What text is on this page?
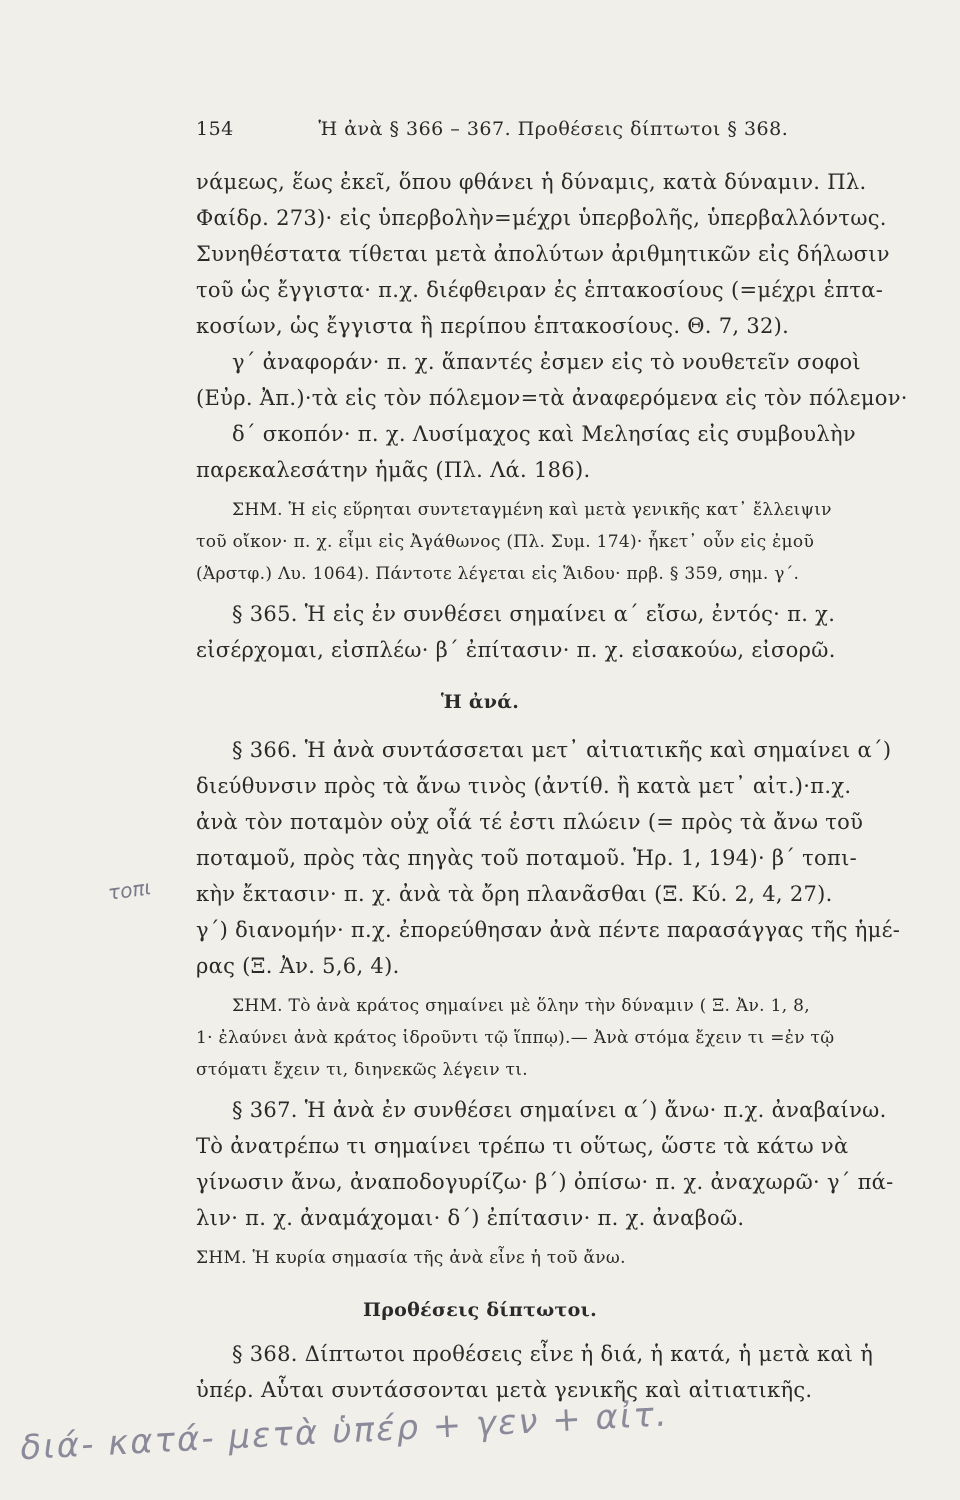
154	Ἡ ἀνὰ § 366 – 367. Προθέσεις δίπτωτοι § 368.
νάμεως, ἕως ἐκεῖ, ὅπου φθάνει ἡ δύναμις, κατὰ δύναμιν. Πλ.
Φαίδρ. 273)· εἰς ὑπερβολὴν=μέχρι ὑπερβολῆς, ὑπερβαλλόντως.
Συνηθέστατα τίθεται μετὰ ἀπολύτων ἀριθμητικῶν εἰς δήλωσιν
τοῦ ὡς ἔγγιστα· π.χ. διέφθειραν ἐς ἑπτακοσίους (=μέχρι ἑπτα-
κοσίων, ὡς ἔγγιστα ἢ περίπου ἑπτακοσίους. Θ. 7, 32).
γ΄ ἀναφοράν· π. χ. ἅπαντές ἐσμεν εἰς τὸ νουθετεῖν σοφοὶ
(Εὐρ. Ἀπ.)·τὰ εἰς τὸν πόλεμον=τὰ ἀναφερόμενα εἰς τὸν πόλεμον·
δ΄ σκοπόν· π. χ. Λυσίμαχος καὶ Μελησίας εἰς συμβουλὴν
παρεκαλεσάτην ἡμᾶς (Πλ. Λά. 186).
ΣΗΜ. Ἡ εἰς εὕρηται συντεταγμένη καὶ μετὰ γενικῆς κατ᾽ ἔλλειψιν
τοῦ οἴκον· π. χ. εἶμι εἰς Ἀγάθωνος (Πλ. Συμ. 174)· ἧκετ᾽ οὖν εἰς ἐμοῦ
(Ἀρστφ.) Λυ. 1064). Πάντοτε λέγεται εἰς Ἅιδου· πρβ. § 359, σημ. γ΄.
§ 365. Ἡ εἰς ἐν συνθέσει σημαίνει α΄ εἴσω, ἐντός· π. χ.
εἰσέρχομαι, εἰσπλέω· β΄ ἐπίτασιν· π. χ. εἰσακούω, εἰσορῶ.
Ἡ ἀνά.
§ 366. Ἡ ἀνὰ συντάσσεται μετ᾽ αἰτιατικῆς καὶ σημαίνει α΄)
διεύθυνσιν πρὸς τὰ ἄνω τινὸς (ἀντίθ. ἢ κατὰ μετ᾽ αἰτ.)·π.χ.
ἀνὰ τὸν ποταμὸν οὐχ οἷά τέ ἐστι πλώειν (= πρὸς τὰ ἄνω τοῦ
ποταμοῦ, πρὸς τὰς πηγὰς τοῦ ποταμοῦ. Ἡρ. 1, 194)· β΄ τοπι-
κὴν ἔκτασιν· π. χ. ἀνὰ τὰ ὄρη πλανᾶσθαι (Ξ. Κύ. 2, 4, 27).
γ΄) διανομήν· π.χ. ἐπορεύθησαν ἀνὰ πέντε παρασάγγας τῆς ἡμέ-
ρας (Ξ. Ἀν. 5,6, 4).
ΣΗΜ. Τὸ ἀνὰ κράτος σημαίνει μὲ ὅλην τὴν δύναμιν ( Ξ. Ἀν. 1, 8,
1· ἐλαύνει ἀνὰ κράτος ἱδροῦντι τῷ ἵππῳ).— Ἀνὰ στόμα ἔχειν τι =ἐν τῷ
στόματι ἔχειν τι, διηνεκῶς λέγειν τι.
§ 367. Ἡ ἀνὰ ἐν συνθέσει σημαίνει α΄) ἄνω· π.χ. ἀναβαίνω.
Τὸ ἀνατρέπω τι σημαίνει τρέπω τι οὕτως, ὥστε τὰ κάτω νὰ
γίνωσιν ἄνω, ἀναποδογυρίζω· β΄) ὀπίσω· π. χ. ἀναχωρῶ· γ΄ πά-
λιν· π. χ. ἀναμάχομαι· δ΄) ἐπίτασιν· π. χ. ἀναβοῶ.
ΣΗΜ. Ἡ κυρία σημασία τῆς ἀνὰ εἶνε ἡ τοῦ ἄνω.
Προθέσεις δίπτωτοι.
§ 368. Δίπτωτοι προθέσεις εἶνε ἡ διά, ἡ κατά, ἡ μετὰ καὶ ἡ
ὑπέρ. Αὗται συντάσσονται μετὰ γενικῆς καὶ αἰτιατικῆς.
τοπι
διά- κατά- μετὰ ὑπέρ + γεν + αἰτ.
